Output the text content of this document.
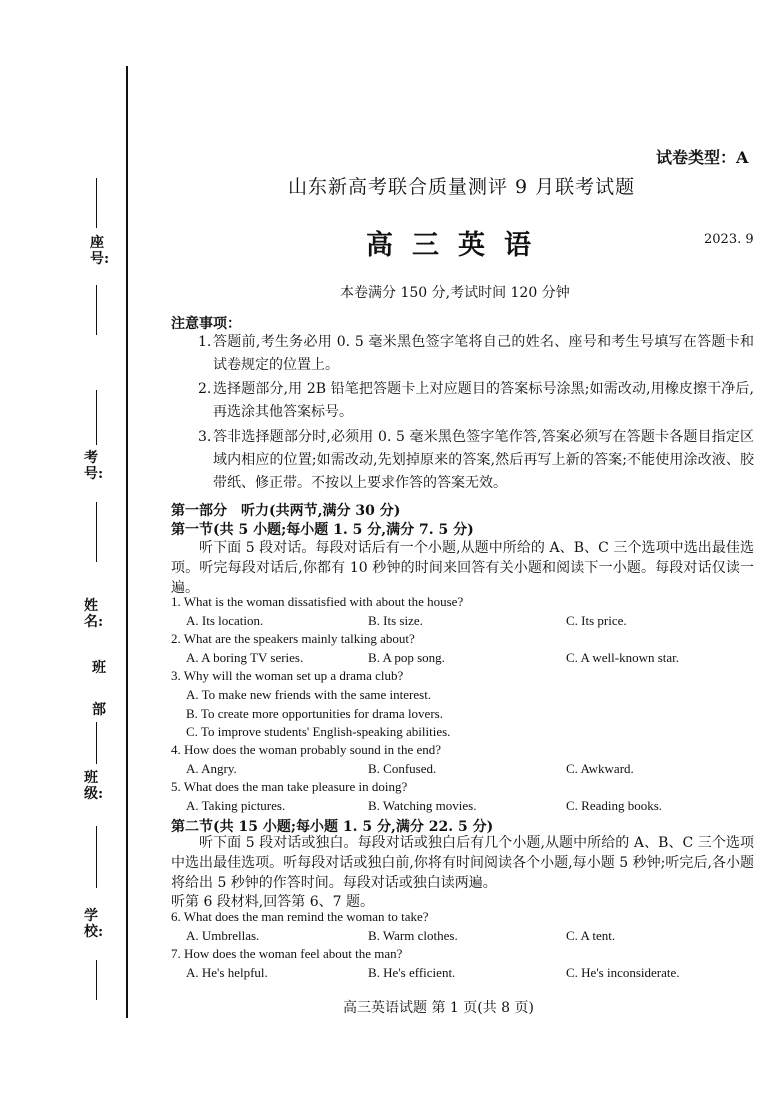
座号:
考号:
姓名:
班
部
班级:
学校:
试卷类型：A
山东新高考联合质量测评 9 月联考试题
高三英语	2023. 9
本卷满分 150 分,考试时间 120 分钟
注意事项：
1. 答题前,考生务必用 0. 5 毫米黑色签字笔将自己的姓名、座号和考生号填写在答题卡和试卷规定的位置上。
2. 选择题部分,用 2B 铅笔把答题卡上对应题目的答案标号涂黑;如需改动,用橡皮擦干净后,再选涂其他答案标号。
3. 答非选择题部分时,必须用 0. 5 毫米黑色签字笔作答,答案必须写在答题卡各题目指定区域内相应的位置;如需改动,先划掉原来的答案,然后再写上新的答案;不能使用涂改液、胶带纸、修正带。不按以上要求作答的答案无效。
第一部分　听力(共两节,满分 30 分)
第一节(共 5 小题;每小题 1. 5 分,满分 7. 5 分)
听下面 5 段对话。每段对话后有一个小题,从题中所给的 A、B、C 三个选项中选出最佳选项。听完每段对话后,你都有 10 秒钟的时间来回答有关小题和阅读下一小题。每段对话仅读一遍。
1. What is the woman dissatisfied with about the house?
A. Its location.	B. Its size.	C. Its price.
2. What are the speakers mainly talking about?
A. A boring TV series.	B. A pop song.	C. A well-known star.
3. Why will the woman set up a drama club?
A. To make new friends with the same interest.
B. To create more opportunities for drama lovers.
C. To improve students' English-speaking abilities.
4. How does the woman probably sound in the end?
A. Angry.	B. Confused.	C. Awkward.
5. What does the man take pleasure in doing?
A. Taking pictures.	B. Watching movies.	C. Reading books.
第二节(共 15 小题;每小题 1. 5 分,满分 22. 5 分)
听下面 5 段对话或独白。每段对话或独白后有几个小题,从题中所给的 A、B、C 三个选项中选出最佳选项。听每段对话或独白前,你将有时间阅读各个小题,每小题 5 秒钟;听完后,各小题将给出 5 秒钟的作答时间。每段对话或独白读两遍。
听第 6 段材料,回答第 6、7 题。
6. What does the man remind the woman to take?
A. Umbrellas.	B. Warm clothes.	C. A tent.
7. How does the woman feel about the man?
A. He's helpful.	B. He's efficient.	C. He's inconsiderate.
高三英语试题 第 1 页(共 8 页)
